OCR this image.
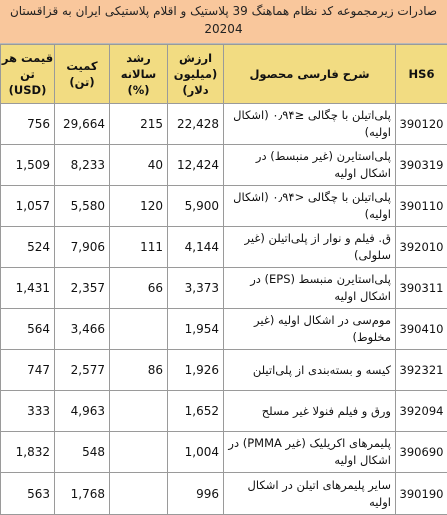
صادرات زیرمجموعه کد نظام هماهنگ 39 پلاستیک و اقلام پلاستیکی ایران به قزاقستان 20204
قیمت هر تن (USD)	کمیت (تن)	رشد سالانه (%)	ارزش (میلیون دلار)	شرح فارسی محصول	HS6
756	29,664	215	22,428	پلی‌اتیلن با چگالی ≤۰٫۹۴ (اشکال اولیه)	390120
1,509	8,233	40	12,424	پلی‌استایرن (غیر منبسط) در اشکال اولیه	390319
1,057	5,580	120	5,900	پلی‌اتیلن با چگالی <۰٫۹۴ (اشکال اولیه)	390110
524	7,906	111	4,144	ق. فیلم و نوار از پلی‌اتیلن (غیر سلولی)	392010
1,431	2,357	66	3,373	پلی‌استایرن منبسط (EPS) در اشکال اولیه	390311
564	3,466		1,954	موم‌سی در اشکال اولیه (غیر مخلوط)	390410
747	2,577	86	1,926	کیسه و بسته‌بندی از پلی‌اتیلن	392321
333	4,963		1,652	ورق و فیلم فنولا غیر مسلح	392094
1,832	548		1,004	پلیمرهای اکریلیک (غیر PMMA) در اشکال اولیه	390690
563	1,768		996	سایر پلیمرهای اتیلن در اشکال اولیه	390190
